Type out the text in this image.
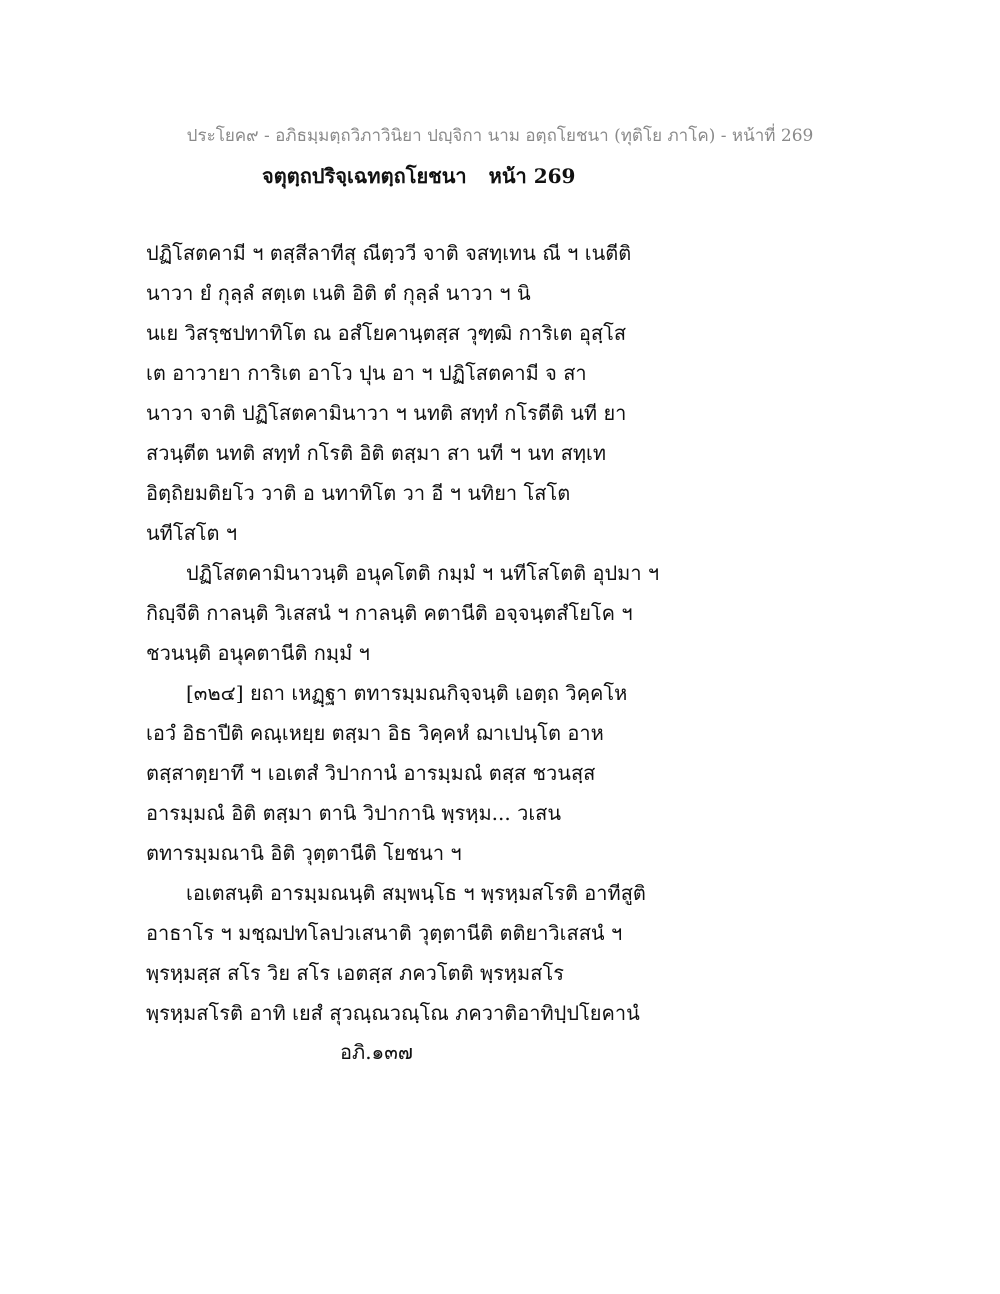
ประโยค๙ - อภิธมฺมตฺถวิภาวินิยา ปญฺจิกา นาม อตฺถโยชนา (ทุติโย ภาโค) - หน้าที่ 269
จตุตฺถปริจฺเฉทตฺถโยชนา หน้า 269
ปฏิโสตคามี ฯ ตสฺสีลาทีสุ ณีตฺววี จาติ จสทฺเทน ณี ฯ เนตีติ
นาวา ยํ กุลฺลํ สตฺเต เนติ อิติ ตํ กุลฺลํ นาวา ฯ นิ
นเย วิสรฺชปทาทิโต ณ อสํโยคานฺตสฺส วุฑฺฒิ การิเต อุสฺโส
เต อาวายา การิเต อาโว ปุน อา ฯ ปฏิโสตคามี จ สา
นาวา จาติ ปฏิโสตคามินาวา ฯ นทติ สทฺทํ กโรตีติ นที ยา
สวนฺตีต นทติ สทฺทํ กโรติ อิติ ตสฺมา สา นที ฯ นท สทฺเท
อิตฺถิยมติยโว วาติ อ นทาทิโต วา อี ฯ นทิยา โสโต
นทีโสโต ฯ
ปฏิโสตคามินาวนฺติ อนุคโตติ กมฺมํ ฯ นทีโสโตติ อุปมา ฯ
กิญฺจีติ กาลนฺติ วิเสสนํ ฯ กาลนฺติ คตานีติ อจฺจนฺตสํโยโค ฯ
ชวนนฺติ อนุคตานีติ กมฺมํ ฯ
[๓๒๔] ยถา เหฏฺฐา ตทารมฺมณกิจฺจนฺติ เอตฺถ วิคฺคโห
เอวํ อิธาปีติ คณฺเหยฺย ตสฺมา อิธ วิคฺคหํ ฌาเปนฺโต อาห
ตสฺสาตฺยาทึ ฯ เอเตสํ วิปากานํ อารมฺมณํ ตสฺส ชวนสฺส
อารมฺมณํ อิติ ตสฺมา ตานิ วิปากานิ พฺรหฺม... วเสน
ตทารมฺมณานิ อิติ วุตฺตานีติ โยชนา ฯ
เอเตสนฺติ อารมฺมณนฺติ สมฺพนฺโธ ฯ พฺรหฺมสโรติ อาทีสูติ
อาธาโร ฯ มชฺฌปทโลปวเสนาติ วุตฺตานีติ ตติยาวิเสสนํ ฯ
พฺรหฺมสฺส สโร วิย สโร เอตสฺส ภควโตติ พฺรหฺมสโร
พฺรหฺมสโรติ อาทิ เยสํ สุวณฺณวณฺโณ ภควาติอาทิปฺปโยคานํ
อภิ.๑๓๗
